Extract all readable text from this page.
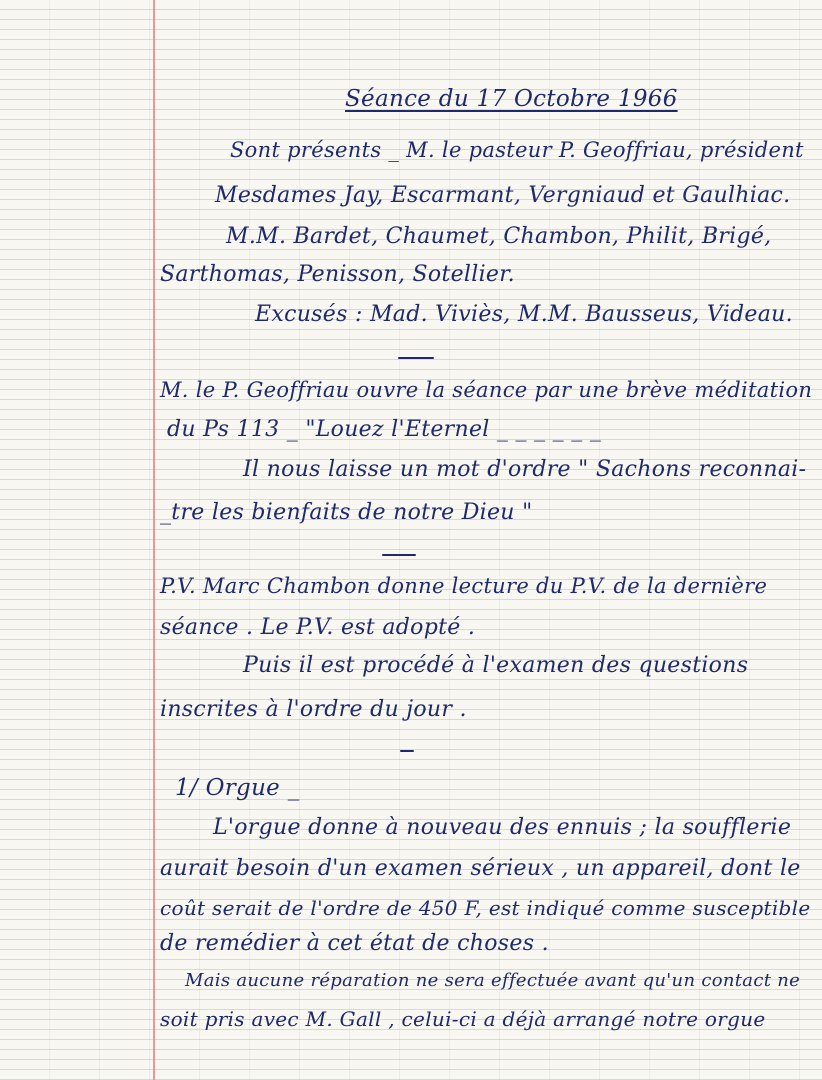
Séance du 17 Octobre 1966
Sont présents _ M. le pasteur P. Geoffriau, président
Mesdames Jay, Escarmant, Vergniaud et Gaulhiac.
M.M. Bardet, Chaumet, Chambon, Philit, Brigé,
Sarthomas, Penisson, Sotellier.
Excusés : Mad. Viviès, M.M. Bausseus, Videau.
M. le P. Geoffriau ouvre la séance par une brève méditation
du Ps 113 _ "Louez l'Eternel _ _ _ _ _ _
Il nous laisse un mot d'ordre " Sachons reconnai-
_tre les bienfaits de notre Dieu "
P.V. Marc Chambon donne lecture du P.V. de la dernière
séance . Le P.V. est adopté .
Puis il est procédé à l'examen des questions
inscrites à l'ordre du jour .
1/ Orgue _
L'orgue donne à nouveau des ennuis ; la soufflerie
aurait besoin d'un examen sérieux , un appareil, dont le
coût serait de l'ordre de 450 F, est indiqué comme susceptible
de remédier à cet état de choses .
Mais aucune réparation ne sera effectuée avant qu'un contact ne
soit pris avec M. Gall , celui-ci a déjà arrangé notre orgue
